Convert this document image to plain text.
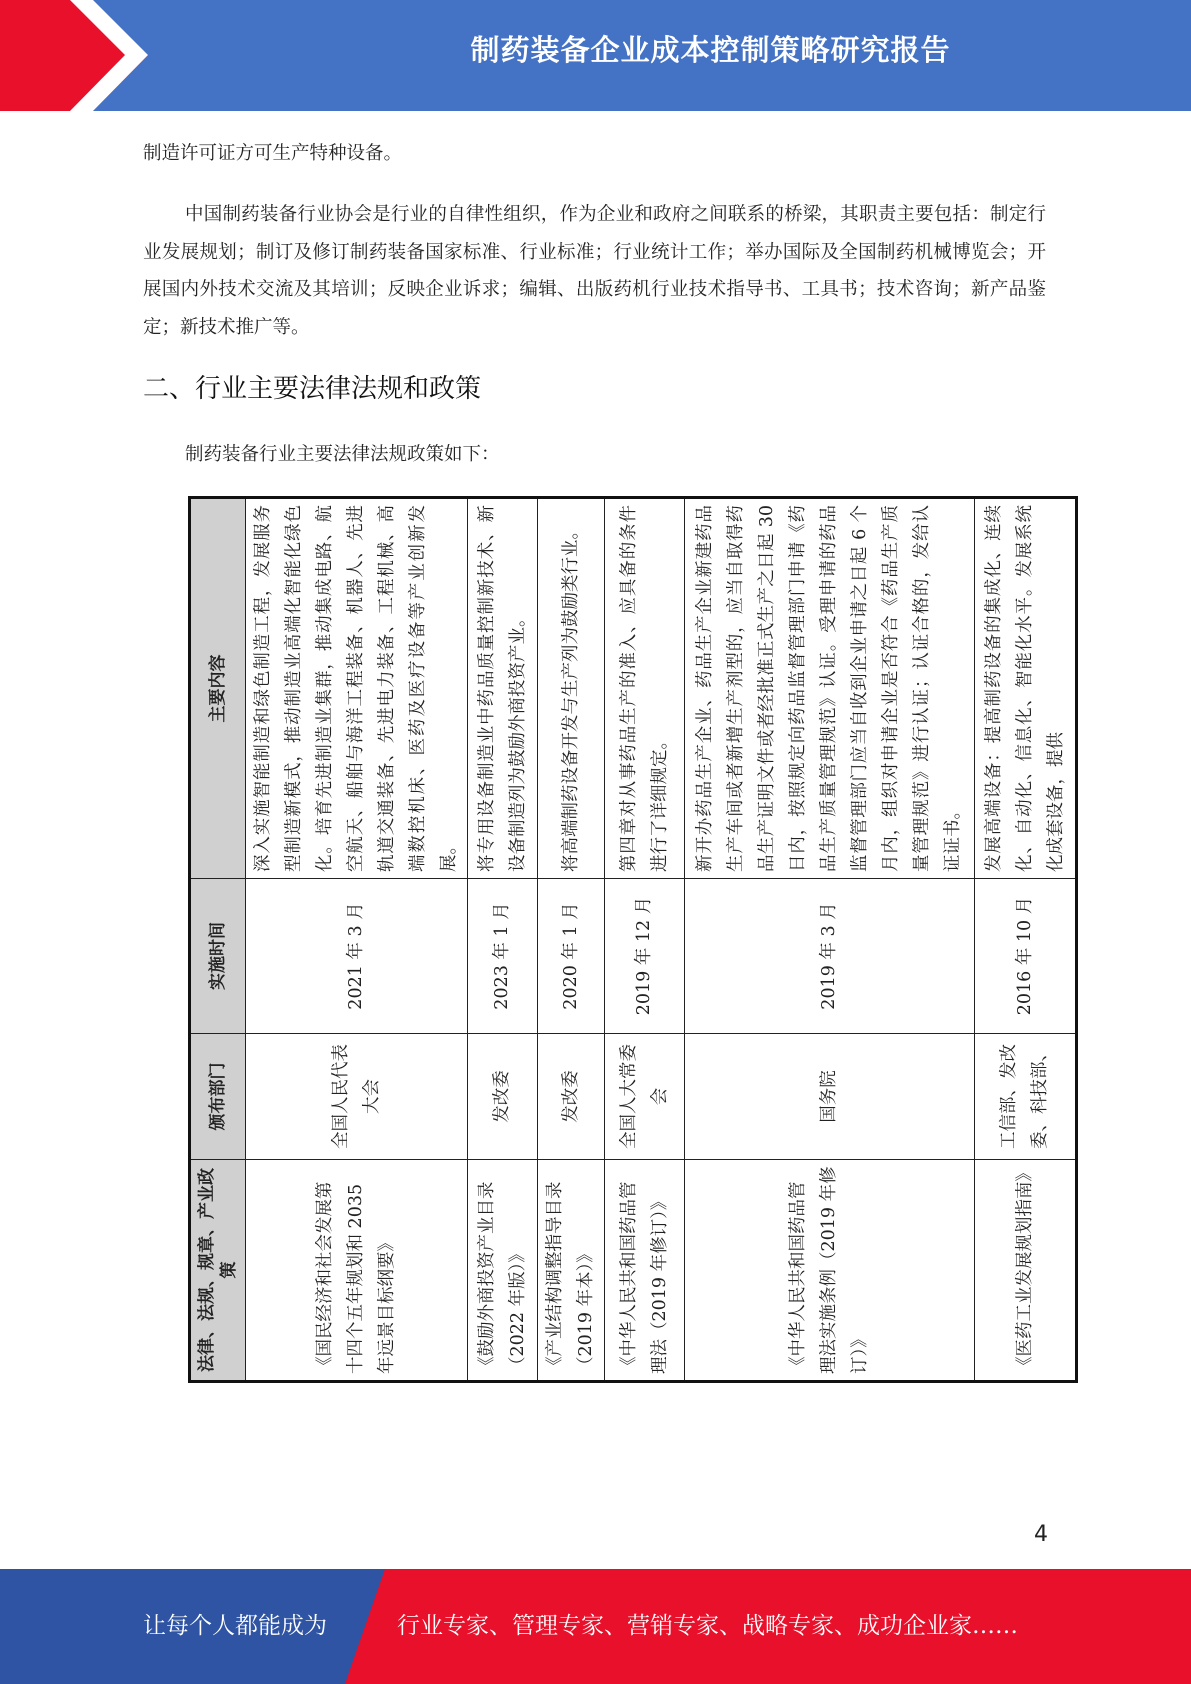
制药装备企业成本控制策略研究报告

制造许可证方可生产特种设备。

中国制药装备行业协会是行业的自律性组织，作为企业和政府之间联系的桥梁，其职责主要包括：制定行业发展规划；制订及修订制药装备国家标准、行业标准；行业统计工作；举办国际及全国制药机械博览会；开展国内外技术交流及其培训；反映企业诉求；编辑、出版药机行业技术指导书、工具书；技术咨询；新产品鉴定；新技术推广等。

二、行业主要法律法规和政策

制药装备行业主要法律法规政策如下：

法律、法规、规章、产业政策	颁布部门	实施时间	主要内容
《国民经济和社会发展第十四个五年规划和 2035 年远景目标纲要》	全国人民代表大会	2021 年 3 月	深入实施智能制造和绿色制造工程，发展服务型制造新模式，推动制造业高端化智能化绿色化。培育先进制造业集群，推动集成电路、航空航天、船舶与海洋工程装备、机器人、先进轨道交通装备、先进电力装备、工程机械、高端数控机床、医药及医疗设备等产业创新发展。
《鼓励外商投资产业目录（2022 年版）》	发改委	2023 年 1 月	将专用设备制造业中药品质量控制新技术、新设备制造列为鼓励外商投资产业。
《产业结构调整指导目录（2019 年本）》	发改委	2020 年 1 月	将高端制药设备开发与生产列为鼓励类行业。
《中华人民共和国药品管理法（2019 年修订）》	全国人大常委会	2019 年 12 月	第四章对从事药品生产的准入、应具备的条件进行了详细规定。
《中华人民共和国药品管理法实施条例（2019 年修订）》	国务院	2019 年 3 月	新开办药品生产企业、药品生产企业新建药品生产车间或者新增生产剂型的，应当自取得药品生产证明文件或者经批准正式生产之日起 30 日内，按照规定向药品监督管理部门申请《药品生产质量管理规范》认证。受理申请的药品监督管理部门应当自收到企业申请之日起 6 个月内，组织对申请企业是否符合《药品生产质量管理规范》进行认证；认证合格的，发给认证证书。
《医药工业发展规划指南》	工信部、发改委、科技部、	2016 年 10 月	发展高端设备：提高制药设备的集成化、连续化、自动化、信息化、智能化水平。发展系统化成套设备，提供
4
让每个人都能成为	行业专家、管理专家、营销专家、战略专家、成功企业家……
